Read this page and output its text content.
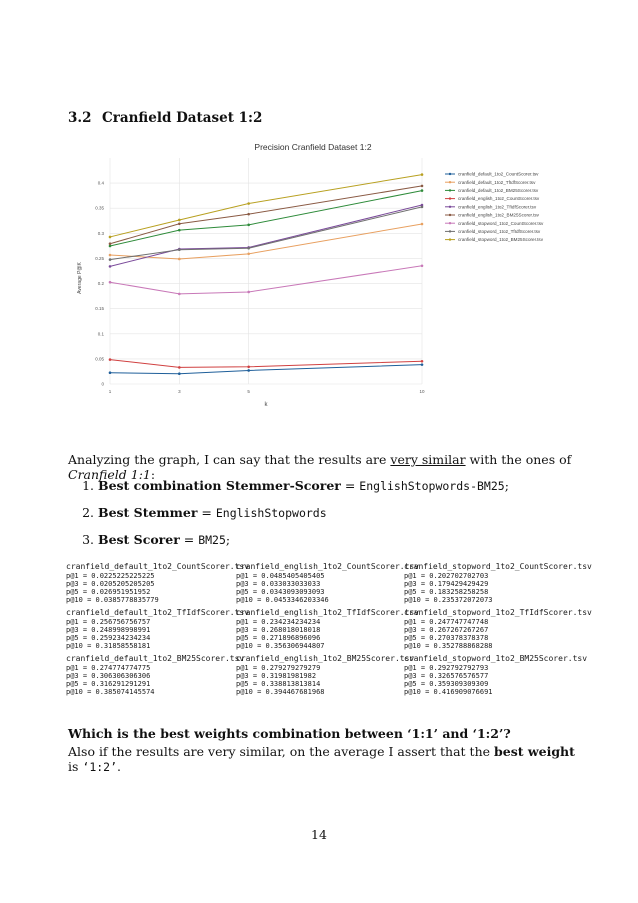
3.2 Cranfield Dataset 1:2
Precision Cranfield Dataset 1:2
0
0.05
0.1
0.15
0.2
0.25
0.3
0.35
0.4
1	3	5	10
Average P@K
k
cranfield_default_1to2_CountScorer.tsv
cranfield_default_1to2_TfIdfScorer.tsv
cranfield_default_1to2_BM25Scorer.tsv
cranfield_english_1to2_CountScorer.tsv
cranfield_english_1to2_TfIdfScorer.tsv
cranfield_english_1to2_BM25Scorer.tsv
cranfield_stopword_1to2_CountScorer.tsv
cranfield_stopword_1to2_TfIdfScorer.tsv
cranfield_stopword_1to2_BM25Scorer.tsv
Analyzing the graph, I can say that the results are very similar with the ones of Cranfield 1:1:
1. Best combination Stemmer-Scorer = EnglishStopwords-BM25;
2. Best Stemmer = EnglishStopwords
3. Best Scorer = BM25;
cranfield_default_1to2_CountScorer.tsv
p@1 = 0.0225225225225
p@3 = 0.0205205205205
p@5 = 0.026951951952
p@10 = 0.0385778835779
cranfield_default_1to2_TfIdfScorer.tsv
p@1 = 0.256756756757
p@3 = 0.248998998991
p@5 = 0.259234234234
p@10 = 0.31858558181
cranfield_default_1to2_BM25Scorer.tsv
p@1 = 0.274774774775
p@3 = 0.306306306306
p@5 = 0.316291291291
p@10 = 0.385074145574
cranfield_english_1to2_CountScorer.tsv
p@1 = 0.0485405405405
p@3 = 0.033033033033
p@5 = 0.0343093093093
p@10 = 0.0453346203346
cranfield_english_1to2_TfIdfScorer.tsv
p@1 = 0.234234234234
p@3 = 0.268018018018
p@5 = 0.271896896096
p@10 = 0.356306944807
cranfield_english_1to2_BM25Scorer.tsv
p@1 = 0.279279279279
p@3 = 0.31981981982
p@5 = 0.338813813814
p@10 = 0.394467681968
cranfield_stopword_1to2_CountScorer.tsv
p@1 = 0.202702702703
p@3 = 0.179429429429
p@5 = 0.183258258258
p@10 = 0.235372072073
cranfield_stopword_1to2_TfIdfScorer.tsv
p@1 = 0.247747747748
p@3 = 0.267267267267
p@5 = 0.270378378378
p@10 = 0.352788868288
cranfield_stopword_1to2_BM25Scorer.tsv
p@1 = 0.292792792793
p@3 = 0.326576576577
p@5 = 0.359309309309
p@10 = 0.416909076691
Which is the best weights combination between ‘1:1’ and ‘1:2’?
Also if the results are very similar, on the average I assert that the best weight is ‘1:2’.
14
